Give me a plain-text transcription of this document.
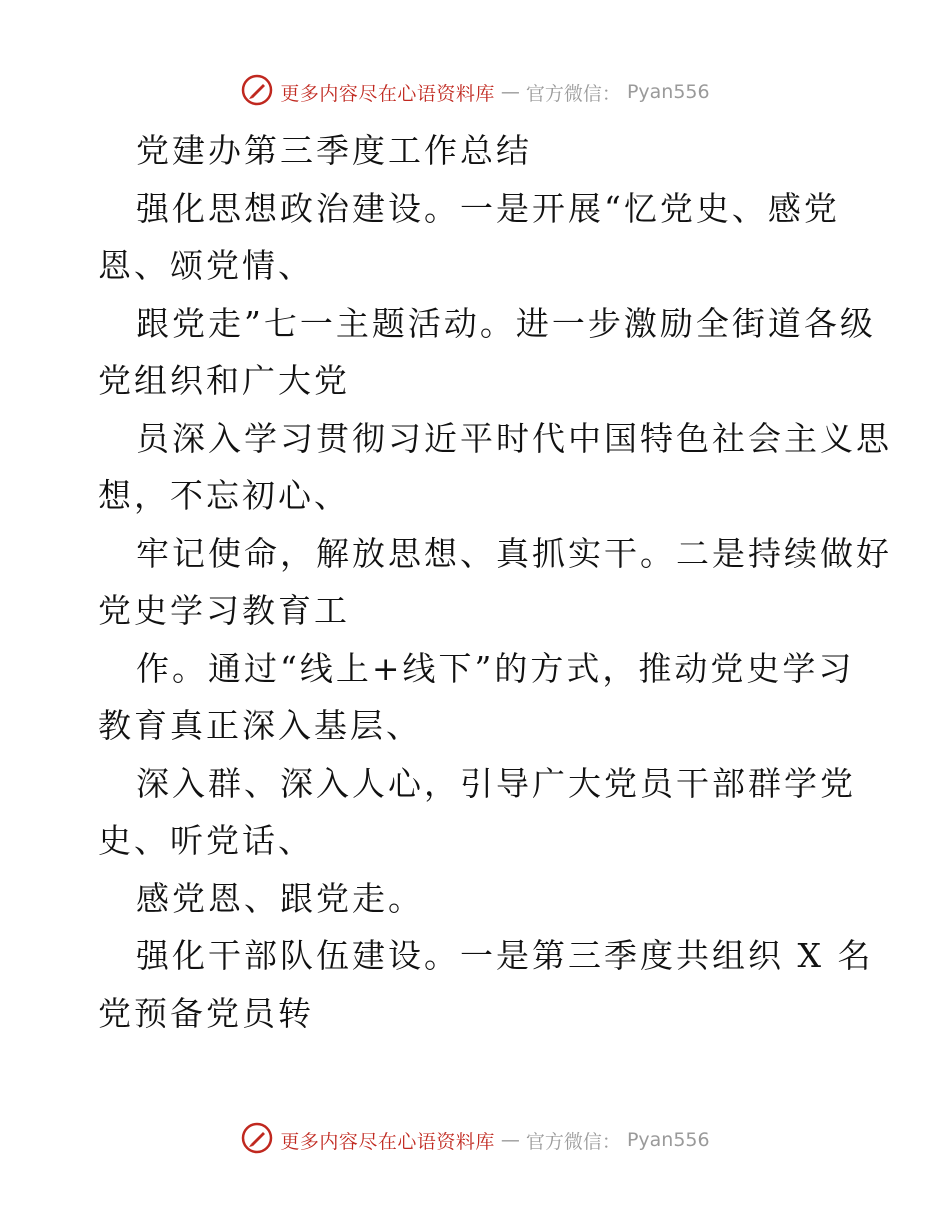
更多内容尽在心语资料库 — 官方微信： Pyan556
党建办第三季度工作总结
强化思想政治建设。一是开展“忆党史、感党
恩、颂党情、
跟党走”七一主题活动。进一步激励全街道各级
党组织和广大党
员深入学习贯彻习近平时代中国特色社会主义思
想，不忘初心、
牢记使命，解放思想、真抓实干。二是持续做好
党史学习教育工
作。通过“线上+线下”的方式，推动党史学习
教育真正深入基层、
深入群、深入人心，引导广大党员干部群学党
史、听党话、
感党恩、跟党走。
强化干部队伍建设。一是第三季度共组织 X 名
党预备党员转
更多内容尽在心语资料库 — 官方微信： Pyan556
